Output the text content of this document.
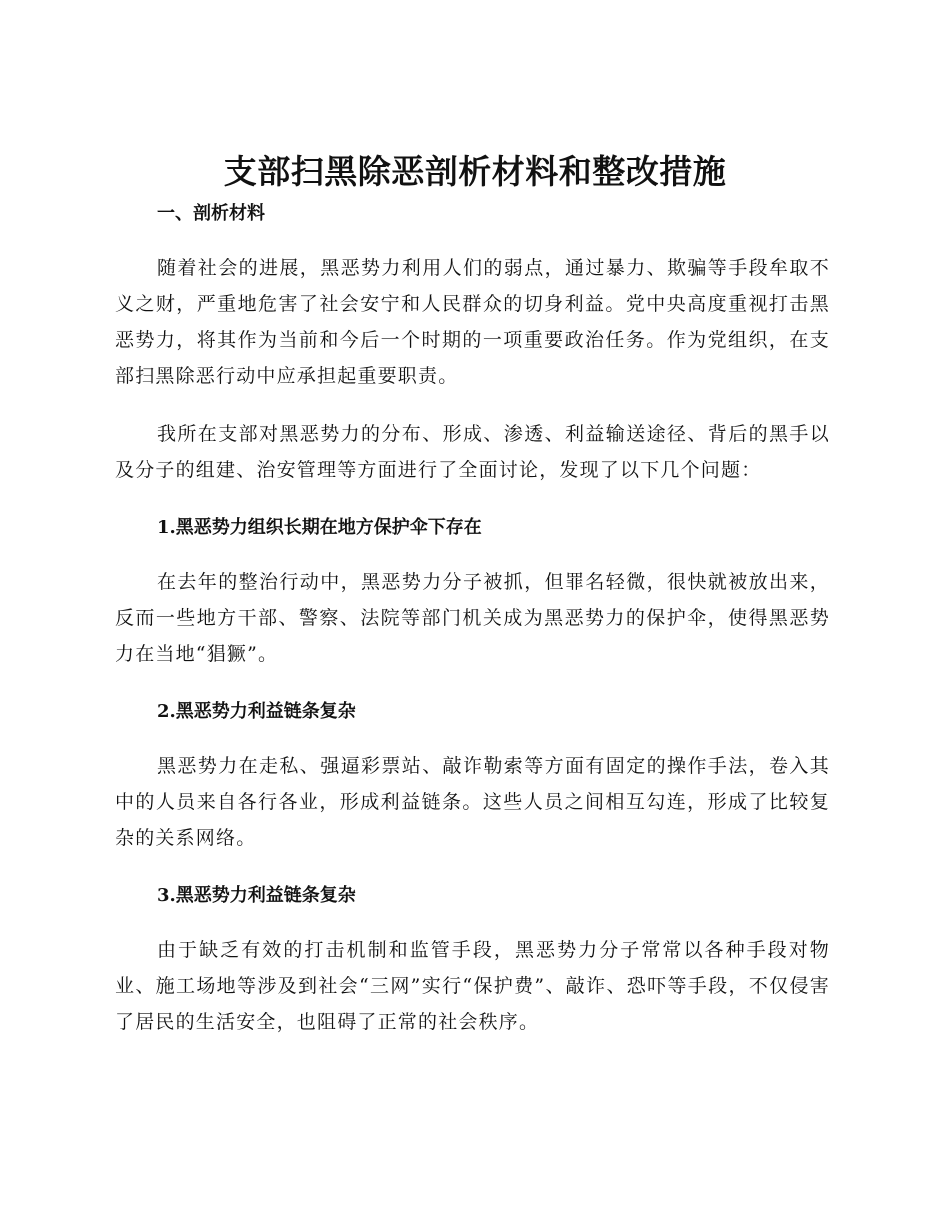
支部扫黑除恶剖析材料和整改措施
一、剖析材料

随着社会的进展，黑恶势力利用人们的弱点，通过暴力、欺骗等手段牟取不义之财，严重地危害了社会安宁和人民群众的切身利益。党中央高度重视打击黑恶势力，将其作为当前和今后一个时期的一项重要政治任务。作为党组织，在支部扫黑除恶行动中应承担起重要职责。

我所在支部对黑恶势力的分布、形成、渗透、利益输送途径、背后的黑手以及分子的组建、治安管理等方面进行了全面讨论，发现了以下几个问题：

1.黑恶势力组织长期在地方保护伞下存在

在去年的整治行动中，黑恶势力分子被抓，但罪名轻微，很快就被放出来，反而一些地方干部、警察、法院等部门机关成为黑恶势力的保护伞，使得黑恶势力在当地“猖獗”。

2.黑恶势力利益链条复杂

黑恶势力在走私、强逼彩票站、敲诈勒索等方面有固定的操作手法，卷入其中的人员来自各行各业，形成利益链条。这些人员之间相互勾连，形成了比较复杂的关系网络。

3.黑恶势力利益链条复杂

由于缺乏有效的打击机制和监管手段，黑恶势力分子常常以各种手段对物业、施工场地等涉及到社会“三网”实行“保护费”、敲诈、恐吓等手段，不仅侵害了居民的生活安全，也阻碍了正常的社会秩序。
